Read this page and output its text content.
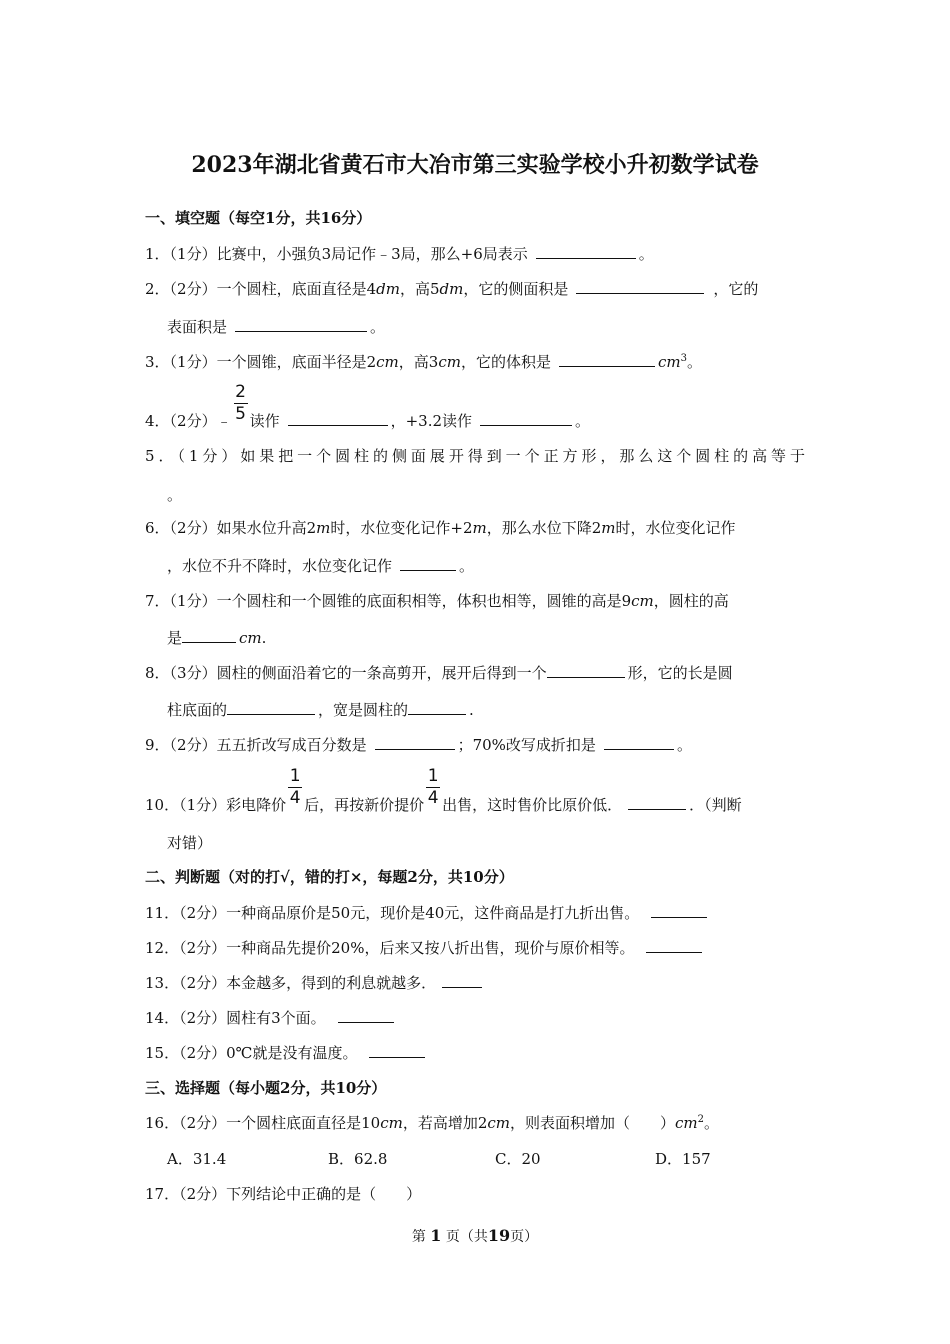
2023年湖北省黄石市大冶市第三实验学校小升初数学试卷
一、填空题（每空1分，共16分）
1．（1分）比赛中，小强负3局记作﹣3局，那么+6局表示	。
2．（2分）一个圆柱，底面直径是4dm，高5dm，它的侧面积是	，它的
表面积是	。
3．（1分）一个圆锥，底面半径是2cm，高3cm，它的体积是	$cm^3$。
4．（2分）﹣ $\frac{2}{5}$ 读作	，+3.2读作	。
5．（1分）如果把一个圆柱的侧面展开得到一个正方形，那么这个圆柱的高等于
。
6．（2分）如果水位升高2m时，水位变化记作+2m，那么水位下降2m时，水位变化记作
，水位不升不降时，水位变化记作	。
7．（1分）一个圆柱和一个圆锥的底面积相等，体积也相等，圆锥的高是9cm，圆柱的高
是	cm.
8．（3分）圆柱的侧面沿着它的一条高剪开，展开后得到一个	形，它的长是圆
柱底面的	，宽是圆柱的	.
9．（2分）五五折改写成百分数是	；70%改写成折扣是	。
10．（1分）彩电降价 $\frac{1}{4}$ 后，再按新价提价 $\frac{1}{4}$ 出售，这时售价比原价低．	．（判断
对错）
二、判断题（对的打√，错的打×，每题2分，共10分）
11．（2分）一种商品原价是50元，现价是40元，这件商品是打九折出售。
12．（2分）一种商品先提价20%，后来又按八折出售，现价与原价相等。
13．（2分）本金越多，得到的利息就越多．
14．（2分）圆柱有3个面。
15．（2分）0℃就是没有温度。
三、选择题（每小题2分，共10分）
16．（2分）一个圆柱底面直径是10cm，若高增加2cm，则表面积增加（　　）$cm^2$。
A．31.4	B．62.8	C．20	D．157
17．（2分）下列结论中正确的是（　　）
第 1 页（共19页）
